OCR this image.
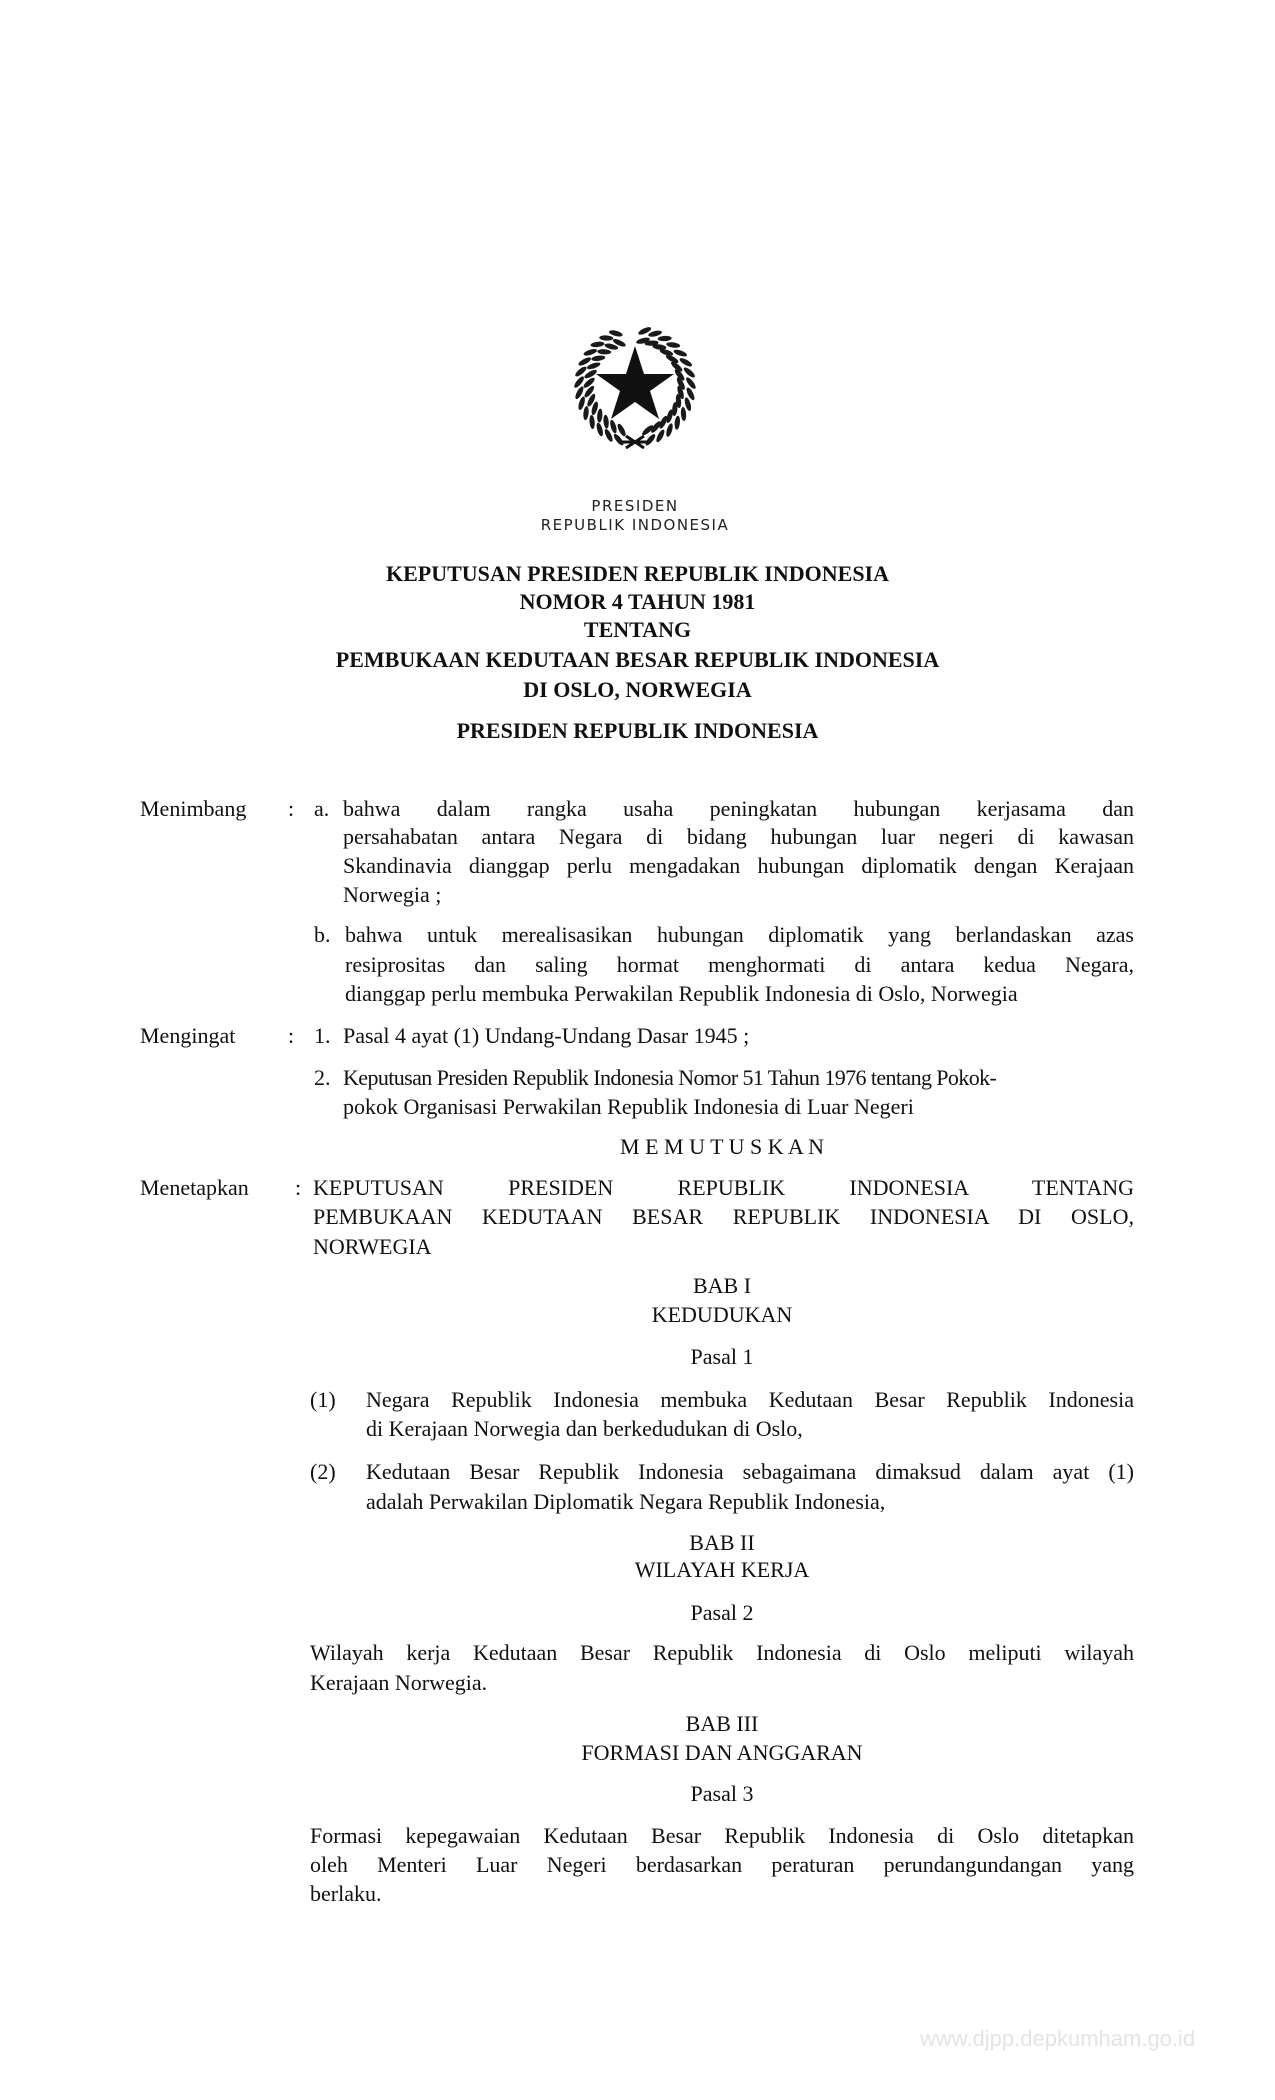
PRESIDEN
REPUBLIK INDONESIA
KEPUTUSAN PRESIDEN REPUBLIK INDONESIA
NOMOR 4 TAHUN 1981
TENTANG
PEMBUKAAN KEDUTAAN BESAR REPUBLIK INDONESIA
DI OSLO, NORWEGIA
PRESIDEN REPUBLIK INDONESIA
Menimbang : a. bahwa dalam rangka usaha peningkatan hubungan kerjasama dan
persahabatan antara Negara di bidang hubungan luar negeri di kawasan
Skandinavia dianggap perlu mengadakan hubungan diplomatik dengan Kerajaan
Norwegia ;
b. bahwa untuk merealisasikan hubungan diplomatik yang berlandaskan azas
resiprositas dan saling hormat menghormati di antara kedua Negara,
dianggap perlu membuka Perwakilan Republik Indonesia di Oslo, Norwegia
Mengingat : 1. Pasal 4 ayat (1) Undang-Undang Dasar 1945 ;
2. Keputusan Presiden Republik Indonesia Nomor 51 Tahun 1976 tentang Pokok-
pokok Organisasi Perwakilan Republik Indonesia di Luar Negeri
M E M U T U S K A N
Menetapkan : KEPUTUSAN PRESIDEN REPUBLIK INDONESIA TENTANG
PEMBUKAAN KEDUTAAN BESAR REPUBLIK INDONESIA DI OSLO,
NORWEGIA
BAB I
KEDUDUKAN
Pasal 1
(1) Negara Republik Indonesia membuka Kedutaan Besar Republik Indonesia
di Kerajaan Norwegia dan berkedudukan di Oslo,
(2) Kedutaan Besar Republik Indonesia sebagaimana dimaksud dalam ayat (1)
adalah Perwakilan Diplomatik Negara Republik Indonesia,
BAB II
WILAYAH KERJA
Pasal 2
Wilayah kerja Kedutaan Besar Republik Indonesia di Oslo meliputi wilayah
Kerajaan Norwegia.
BAB III
FORMASI DAN ANGGARAN
Pasal 3
Formasi kepegawaian Kedutaan Besar Republik Indonesia di Oslo ditetapkan
oleh Menteri Luar Negeri berdasarkan peraturan perundangundangan yang
berlaku.
www.djpp.depkumham.go.id
